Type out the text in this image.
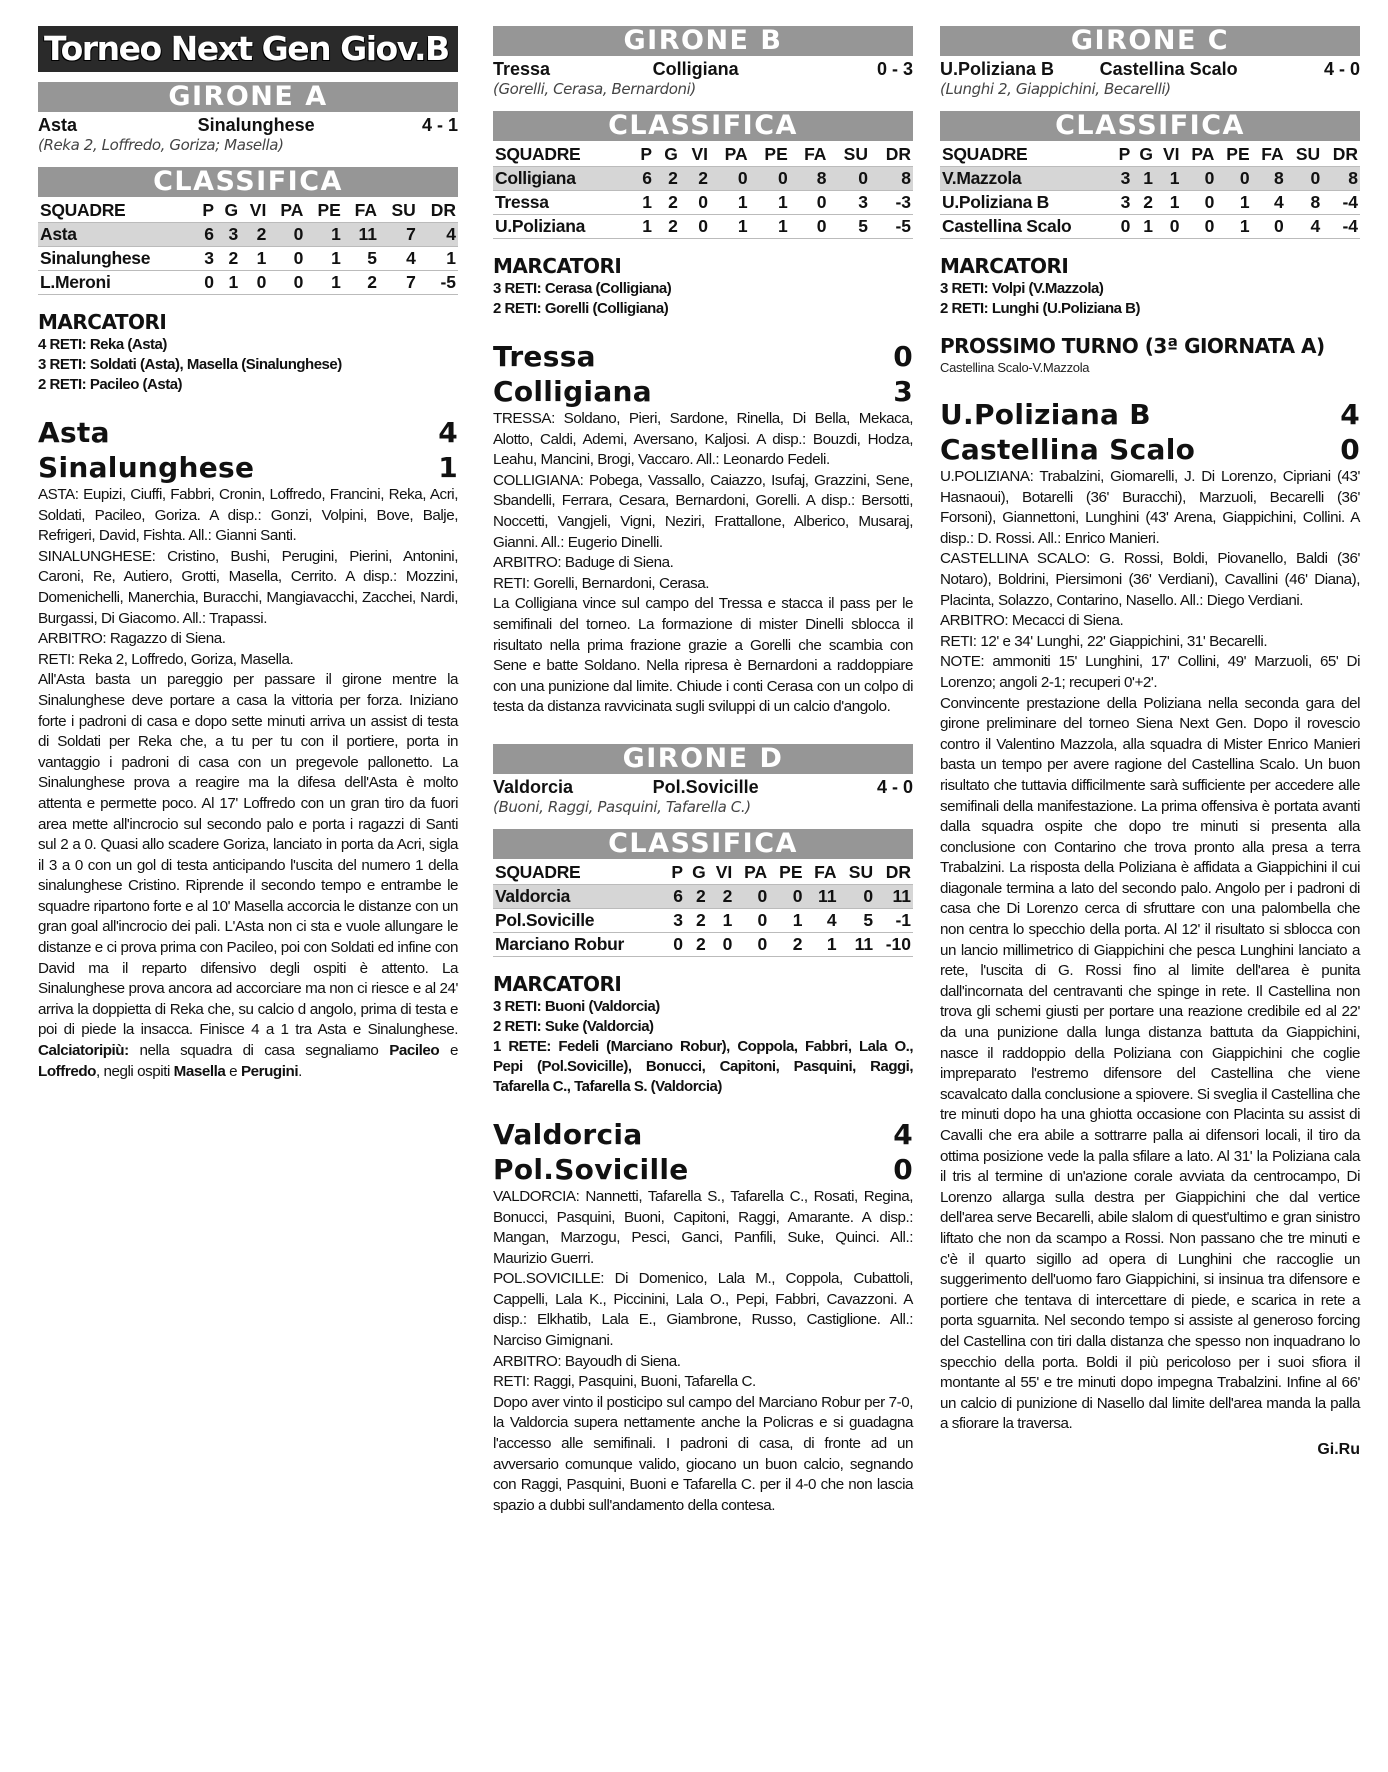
Torneo Next Gen Giov.B
GIRONE A
Asta	Sinalunghese	4 - 1
(Reka 2, Loffredo, Goriza; Masella)
CLASSIFICA
SQUADRE	P	G	VI	PA	PE	FA	SU	DR
Asta	6	3	2	0	1	11	7	4
Sinalunghese	3	2	1	0	1	5	4	1
L.Meroni	0	1	0	0	1	2	7	-5
MARCATORI
4 RETI: Reka (Asta)
3 RETI: Soldati (Asta), Masella (Sinalunghese)
2 RETI: Pacileo (Asta)
Asta	4
Sinalunghese	1
ASTA: Eupizi, Ciuffi, Fabbri, Cronin, Loffredo, Francini, Reka, Acri, Soldati, Pacileo, Goriza. A disp.: Gonzi, Volpini, Bove, Balje, Refrigeri, David, Fishta. All.: Gianni Santi.
SINALUNGHESE: Cristino, Bushi, Perugini, Pierini, Antonini, Caroni, Re, Autiero, Grotti, Masella, Cerrito. A disp.: Mozzini, Domenichelli, Manerchia, Buracchi, Mangiavacchi, Zacchei, Nardi, Burgassi, Di Giacomo. All.: Trapassi.
ARBITRO: Ragazzo di Siena.
RETI: Reka 2, Loffredo, Goriza, Masella.
All'Asta basta un pareggio per passare il girone mentre la Sinalunghese deve portare a casa la vittoria per forza. Iniziano forte i padroni di casa e dopo sette minuti arriva un assist di testa di Soldati per Reka che, a tu per tu con il portiere, porta in vantaggio i padroni di casa con un pregevole pallonetto. La Sinalunghese prova a reagire ma la difesa dell'Asta è molto attenta e permette poco. Al 17' Loffredo con un gran tiro da fuori area mette all'incrocio sul secondo palo e porta i ragazzi di Santi sul 2 a 0. Quasi allo scadere Goriza, lanciato in porta da Acri, sigla il 3 a 0 con un gol di testa anticipando l'uscita del numero 1 della sinalunghese Cristino. Riprende il secondo tempo e entrambe le squadre ripartono forte e al 10' Masella accorcia le distanze con un gran goal all'incrocio dei pali. L'Asta non ci sta e vuole allungare le distanze e ci prova prima con Pacileo, poi con Soldati ed infine con David ma il reparto difensivo degli ospiti è attento. La Sinalunghese prova ancora ad accorciare ma non ci riesce e al 24' arriva la doppietta di Reka che, su calcio d angolo, prima di testa e poi di piede la insacca. Finisce 4 a 1 tra Asta e Sinalunghese. Calciatoripiù: nella squadra di casa segnaliamo Pacileo e Loffredo, negli ospiti Masella e Perugini.
GIRONE B
Tressa	Colligiana	0 - 3
(Gorelli, Cerasa, Bernardoni)
CLASSIFICA
SQUADRE	P	G	VI	PA	PE	FA	SU	DR
Colligiana	6	2	2	0	0	8	0	8
Tressa	1	2	0	1	1	0	3	-3
U.Poliziana	1	2	0	1	1	0	5	-5
MARCATORI
3 RETI: Cerasa (Colligiana)
2 RETI: Gorelli (Colligiana)
Tressa	0
Colligiana	3
TRESSA: Soldano, Pieri, Sardone, Rinella, Di Bella, Mekaca, Alotto, Caldi, Ademi, Aversano, Kaljosi. A disp.: Bouzdi, Hodza, Leahu, Mancini, Brogi, Vaccaro. All.: Leonardo Fedeli.
COLLIGIANA: Pobega, Vassallo, Caiazzo, Isufaj, Grazzini, Sene, Sbandelli, Ferrara, Cesara, Bernardoni, Gorelli. A disp.: Bersotti, Noccetti, Vangjeli, Vigni, Neziri, Frattallone, Alberico, Musaraj, Gianni. All.: Eugerio Dinelli.
ARBITRO: Baduge di Siena.
RETI: Gorelli, Bernardoni, Cerasa.
La Colligiana vince sul campo del Tressa e stacca il pass per le semifinali del torneo. La formazione di mister Dinelli sblocca il risultato nella prima frazione grazie a Gorelli che scambia con Sene e batte Soldano. Nella ripresa è Bernardoni a raddoppiare con una punizione dal limite. Chiude i conti Cerasa con un colpo di testa da distanza ravvicinata sugli sviluppi di un calcio d'angolo.
GIRONE D
Valdorcia	Pol.Sovicille	4 - 0
(Buoni, Raggi, Pasquini, Tafarella C.)
CLASSIFICA
SQUADRE	P	G	VI	PA	PE	FA	SU	DR
Valdorcia	6	2	2	0	0	11	0	11
Pol.Sovicille	3	2	1	0	1	4	5	-1
Marciano Robur	0	2	0	0	2	1	11	-10
MARCATORI
3 RETI: Buoni (Valdorcia)
2 RETI: Suke (Valdorcia)
1 RETE: Fedeli (Marciano Robur), Coppola, Fabbri, Lala O., Pepi (Pol.Sovicille), Bonucci, Capitoni, Pasquini, Raggi, Tafarella C., Tafarella S. (Valdorcia)
Valdorcia	4
Pol.Sovicille	0
VALDORCIA: Nannetti, Tafarella S., Tafarella C., Rosati, Regina, Bonucci, Pasquini, Buoni, Capitoni, Raggi, Amarante. A disp.: Mangan, Marzogu, Pesci, Ganci, Panfili, Suke, Quinci. All.: Maurizio Guerri.
POL.SOVICILLE: Di Domenico, Lala M., Coppola, Cubattoli, Cappelli, Lala K., Piccinini, Lala O., Pepi, Fabbri, Cavazzoni. A disp.: Elkhatib, Lala E., Giambrone, Russo, Castiglione. All.: Narciso Gimignani.
ARBITRO: Bayoudh di Siena.
RETI: Raggi, Pasquini, Buoni, Tafarella C.
Dopo aver vinto il posticipo sul campo del Marciano Robur per 7-0, la Valdorcia supera nettamente anche la Policras e si guadagna l'accesso alle semifinali. I padroni di casa, di fronte ad un avversario comunque valido, giocano un buon calcio, segnando con Raggi, Pasquini, Buoni e Tafarella C. per il 4-0 che non lascia spazio a dubbi sull'andamento della contesa.
GIRONE C
U.Poliziana B	Castellina Scalo	4 - 0
(Lunghi 2, Giappichini, Becarelli)
CLASSIFICA
SQUADRE	P	G	VI	PA	PE	FA	SU	DR
V.Mazzola	3	1	1	0	0	8	0	8
U.Poliziana B	3	2	1	0	1	4	8	-4
Castellina Scalo	0	1	0	0	1	0	4	-4
MARCATORI
3 RETI: Volpi (V.Mazzola)
2 RETI: Lunghi (U.Poliziana B)
PROSSIMO TURNO (3ª GIORNATA A)
Castellina Scalo-V.Mazzola
U.Poliziana B	4
Castellina Scalo	0
U.POLIZIANA: Trabalzini, Giomarelli, J. Di Lorenzo, Cipriani (43' Hasnaoui), Botarelli (36' Buracchi), Marzuoli, Becarelli (36' Forsoni), Giannettoni, Lunghini (43' Arena, Giappichini, Collini. A disp.: D. Rossi. All.: Enrico Manieri.
CASTELLINA SCALO: G. Rossi, Boldi, Piovanello, Baldi (36' Notaro), Boldrini, Piersimoni (36' Verdiani), Cavallini (46' Diana), Placinta, Solazzo, Contarino, Nasello. All.: Diego Verdiani.
ARBITRO: Mecacci di Siena.
RETI: 12' e 34' Lunghi, 22' Giappichini, 31' Becarelli.
NOTE: ammoniti 15' Lunghini, 17' Collini, 49' Marzuoli, 65' Di Lorenzo; angoli 2-1; recuperi 0'+2'.
Convincente prestazione della Poliziana nella seconda gara del girone preliminare del torneo Siena Next Gen. Dopo il rovescio contro il Valentino Mazzola, alla squadra di Mister Enrico Manieri basta un tempo per avere ragione del Castellina Scalo. Un buon risultato che tuttavia difficilmente sarà sufficiente per accedere alle semifinali della manifestazione. La prima offensiva è portata avanti dalla squadra ospite che dopo tre minuti si presenta alla conclusione con Contarino che trova pronto alla presa a terra Trabalzini. La risposta della Poliziana è affidata a Giappichini il cui diagonale termina a lato del secondo palo. Angolo per i padroni di casa che Di Lorenzo cerca di sfruttare con una palombella che non centra lo specchio della porta. Al 12' il risultato si sblocca con un lancio millimetrico di Giappichini che pesca Lunghini lanciato a rete, l'uscita di G. Rossi fino al limite dell'area è punita dall'incornata del centravanti che spinge in rete. Il Castellina non trova gli schemi giusti per portare una reazione credibile ed al 22' da una punizione dalla lunga distanza battuta da Giappichini, nasce il raddoppio della Poliziana con Giappichini che coglie impreparato l'estremo difensore del Castellina che viene scavalcato dalla conclusione a spiovere. Si sveglia il Castellina che tre minuti dopo ha una ghiotta occasione con Placinta su assist di Cavalli che era abile a sottrarre palla ai difensori locali, il tiro da ottima posizione vede la palla sfilare a lato. Al 31' la Poliziana cala il tris al termine di un'azione corale avviata da centrocampo, Di Lorenzo allarga sulla destra per Giappichini che dal vertice dell'area serve Becarelli, abile slalom di quest'ultimo e gran sinistro liftato che non da scampo a Rossi. Non passano che tre minuti e c'è il quarto sigillo ad opera di Lunghini che raccoglie un suggerimento dell'uomo faro Giappichini, si insinua tra difensore e portiere che tentava di intercettare di piede, e scarica in rete a porta sguarnita. Nel secondo tempo si assiste al generoso forcing del Castellina con tiri dalla distanza che spesso non inquadrano lo specchio della porta. Boldi il più pericoloso per i suoi sfiora il montante al 55' e tre minuti dopo impegna Trabalzini. Infine al 66' un calcio di punizione di Nasello dal limite dell'area manda la palla a sfiorare la traversa.
Gi.Ru
